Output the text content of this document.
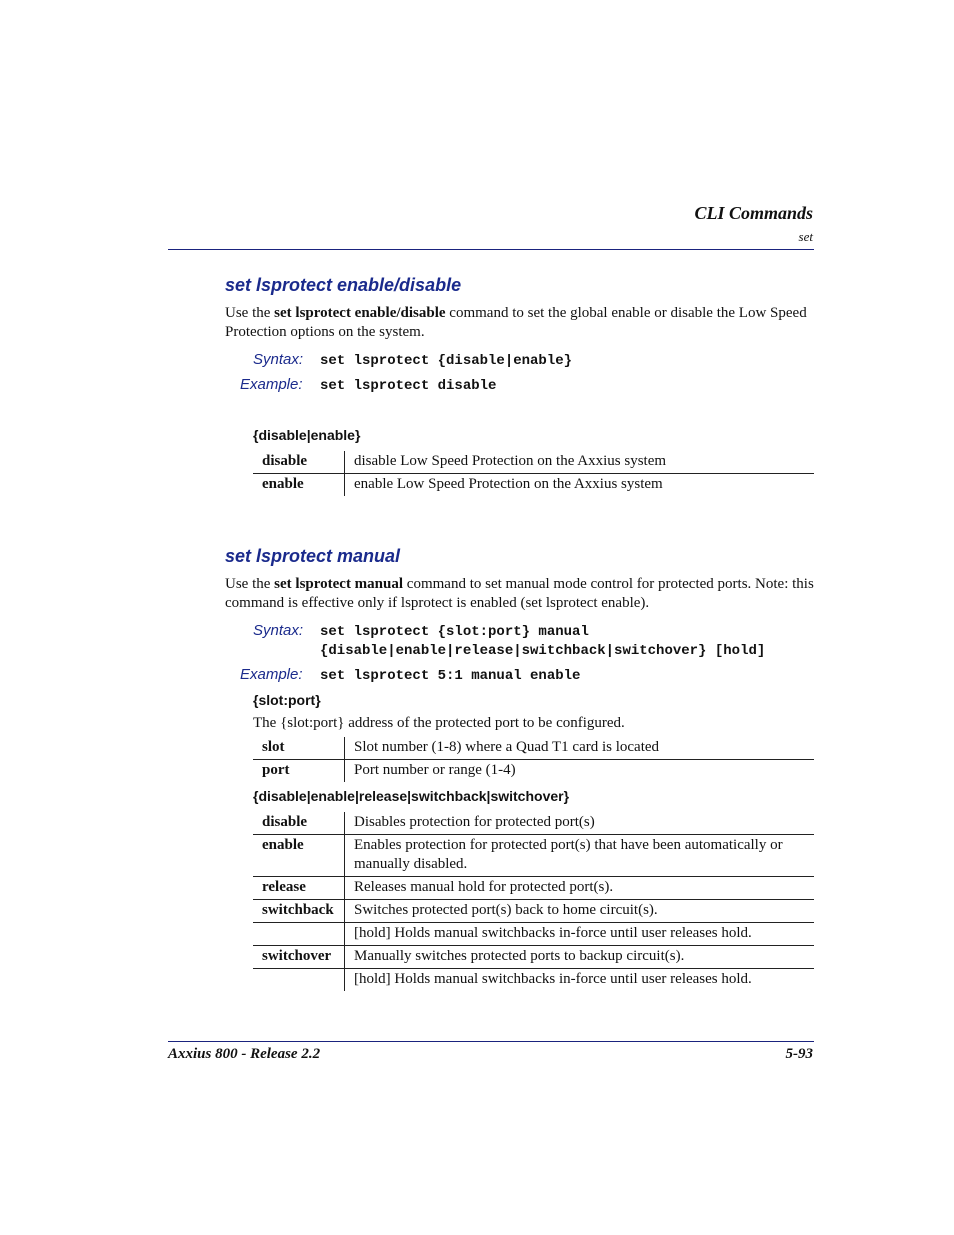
CLI Commands
set
set lsprotect enable/disable
Use the set lsprotect enable/disable command to set the global enable or disable the Low Speed Protection options on the system.
Syntax: set lsprotect {disable|enable}
Example: set lsprotect disable
{disable|enable}
disable	disable Low Speed Protection on the Axxius system
enable	enable Low Speed Protection on the Axxius system
set lsprotect manual
Use the set lsprotect manual command to set manual mode control for protected ports. Note: this command is effective only if lsprotect is enabled (set lsprotect enable).
Syntax: set lsprotect {slot:port} manual
{disable|enable|release|switchback|switchover} [hold]
Example: set lsprotect 5:1 manual enable
{slot:port}
The {slot:port} address of the protected port to be configured.
slot	Slot number (1-8) where a Quad T1 card is located
port	Port number or range (1-4)
{disable|enable|release|switchback|switchover}
disable	Disables protection for protected port(s)
enable	Enables protection for protected port(s) that have been automatically or manually disabled.
release	Releases manual hold for protected port(s).
switchback	Switches protected port(s) back to home circuit(s).
	[hold] Holds manual switchbacks in-force until user releases hold.
switchover	Manually switches protected ports to backup circuit(s).
	[hold] Holds manual switchbacks in-force until user releases hold.
Axxius 800 - Release 2.2	5-93
